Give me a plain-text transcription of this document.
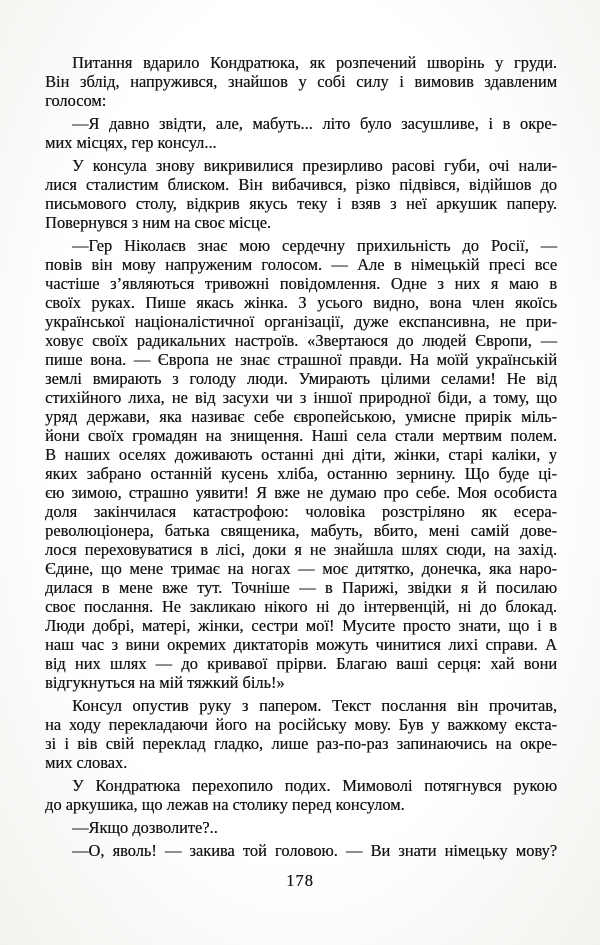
Питання вдарило Кондратюка, як розпечений шворінь у груди.
Він зблід, напружився, знайшов у собі силу і вимовив здавленим
голосом:
—Я давно звідти, але, мабуть... літо було засушливе, і в окре-
мих місцях, гер консул...
У консула знову викривилися презирливо расові губи, очі нали-
лися сталистим блиском. Він вибачився, різко підвівся, відійшов до
письмового столу, відкрив якусь теку і взяв з неї аркушик паперу.
Повернувся з ним на своє місце.
—Гер Ніколаєв знає мою сердечну прихильність до Росії, —
повів він мову напруженим голосом. — Але в німецькій пресі все
частіше з’являються тривожні повідомлення. Одне з них я маю в
своїх руках. Пише якась жінка. З усього видно, вона член якоїсь
української націоналістичної організації, дуже експансивна, не при-
ховує своїх радикальних настроїв. «Звертаюся до людей Європи, —
пише вона. — Європа не знає страшної правди. На моїй українській
землі вмирають з голоду люди. Умирають цілими селами! Не від
стихійного лиха, не від засухи чи з іншої природної біди, а тому, що
уряд держави, яка називає себе європейською, умисне прирік міль-
йони своїх громадян на знищення. Наші села стали мертвим полем.
В наших оселях доживають останні дні діти, жінки, старі каліки, у
яких забрано останній кусень хліба, останню зернину. Що буде ці-
єю зимою, страшно уявити! Я вже не думаю про себе. Моя особиста
доля закінчилася катастрофою: чоловіка розстріляно як есера-
революціонера, батька священика, мабуть, вбито, мені самій дове-
лося переховуватися в лісі, доки я не знайшла шлях сюди, на захід.
Єдине, що мене тримає на ногах — моє дитятко, донечка, яка наро-
дилася в мене вже тут. Точніше — в Парижі, звідки я й посилаю
своє послання. Не закликаю нікого ні до інтервенцій, ні до блокад.
Люди добрі, матері, жінки, сестри мої! Мусите просто знати, що і в
наш час з вини окремих диктаторів можуть чинитися лихі справи. А
від них шлях — до кривавої прірви. Благаю ваші серця: хай вони
відгукнуться на мій тяжкий біль!»
Консул опустив руку з папером. Текст послання він прочитав,
на ходу перекладаючи його на російську мову. Був у важкому екста-
зі і вів свій переклад гладко, лише раз-по-раз запинаючись на окре-
мих словах.
У Кондратюка перехопило подих. Мимоволі потягнувся рукою
до аркушика, що лежав на столику перед консулом.
—Якщо дозволите?..
—О, яволь! — закива той головою. — Ви знати німецьку мову?
178
